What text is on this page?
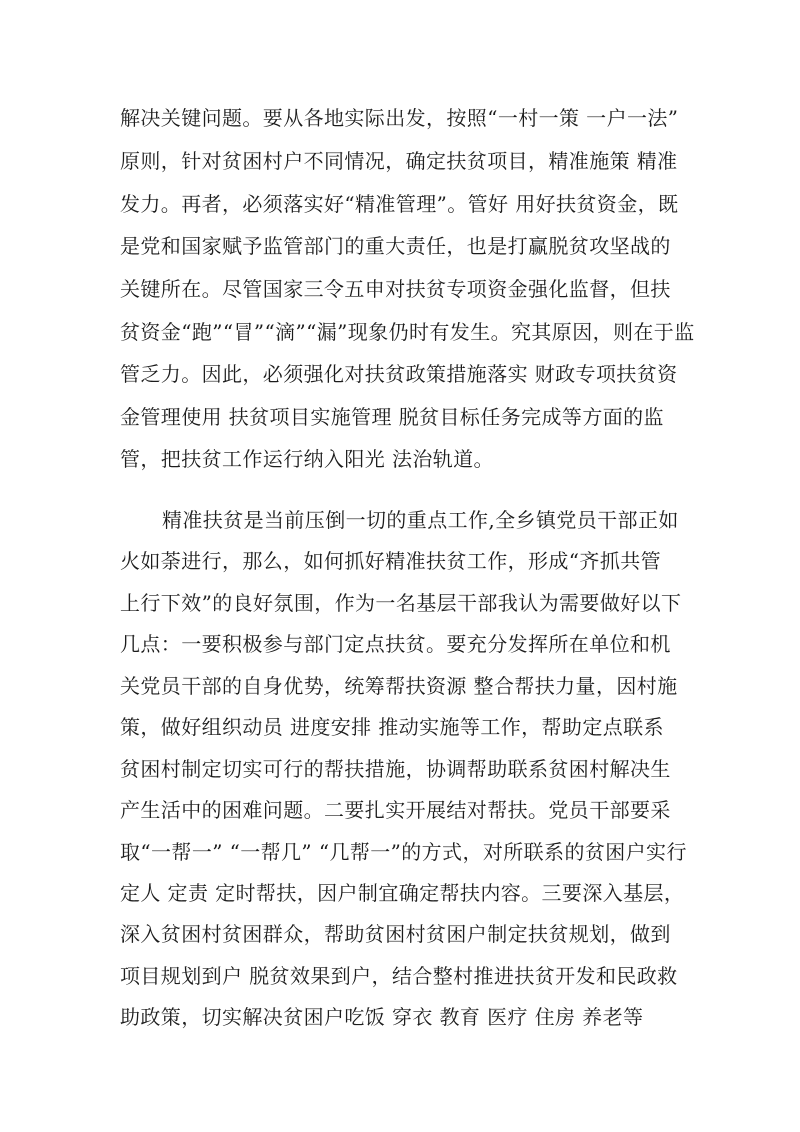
解决关键问题。要从各地实际出发，按照“一村一策 一户一法”
原则，针对贫困村户不同情况，确定扶贫项目，精准施策 精准
发力。再者，必须落实好“精准管理”。管好 用好扶贫资金，既
是党和国家赋予监管部门的重大责任，也是打赢脱贫攻坚战的
关键所在。尽管国家三令五申对扶贫专项资金强化监督，但扶
贫资金“跑”“冒”“滴”“漏”现象仍时有发生。究其原因，则在于监
管乏力。因此，必须强化对扶贫政策措施落实 财政专项扶贫资
金管理使用 扶贫项目实施管理 脱贫目标任务完成等方面的监
管，把扶贫工作运行纳入阳光 法治轨道。
精准扶贫是当前压倒一切的重点工作,全乡镇党员干部正如
火如荼进行，那么，如何抓好精准扶贫工作，形成“齐抓共管
上行下效”的良好氛围，作为一名基层干部我认为需要做好以下
几点：一要积极参与部门定点扶贫。要充分发挥所在单位和机
关党员干部的自身优势，统筹帮扶资源 整合帮扶力量，因村施
策，做好组织动员 进度安排 推动实施等工作，帮助定点联系
贫困村制定切实可行的帮扶措施，协调帮助联系贫困村解决生
产生活中的困难问题。二要扎实开展结对帮扶。党员干部要采
取“一帮一” “一帮几” “几帮一”的方式，对所联系的贫困户实行
定人 定责 定时帮扶，因户制宜确定帮扶内容。三要深入基层，
深入贫困村贫困群众，帮助贫困村贫困户制定扶贫规划，做到
项目规划到户 脱贫效果到户，结合整村推进扶贫开发和民政救
助政策，切实解决贫困户吃饭 穿衣 教育 医疗 住房 养老等
